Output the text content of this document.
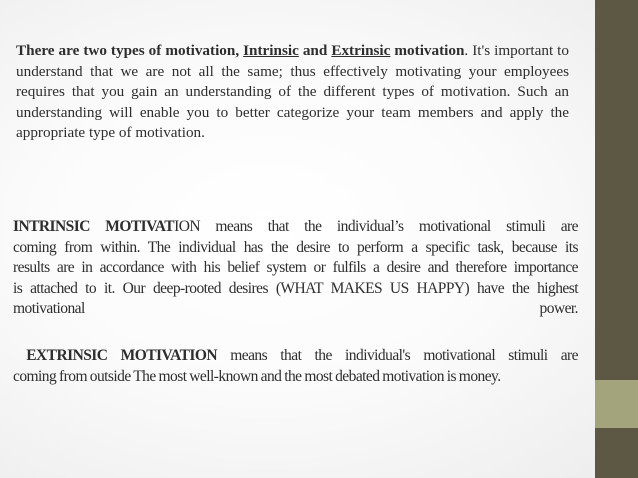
There are two types of motivation, Intrinsic and Extrinsic motivation. It's important to understand that we are not all the same; thus effectively motivating your employees requires that you gain an understanding of the different types of motivation. Such an understanding will enable you to better categorize your team members and apply the appropriate type of motivation.

INTRINSIC MOTIVATION means that the individual’s motivational stimuli are
coming from within. The individual has the desire to perform a specific task, because its
results are in accordance with his belief system or fulfils a desire and therefore importance
is attached to it. Our deep-rooted desires (WHAT MAKES US HAPPY) have the highest
motivational power.
EXTRINSIC MOTIVATION means that the individual's motivational stimuli are
coming from outside The most well-known and the most debated motivation is money.
